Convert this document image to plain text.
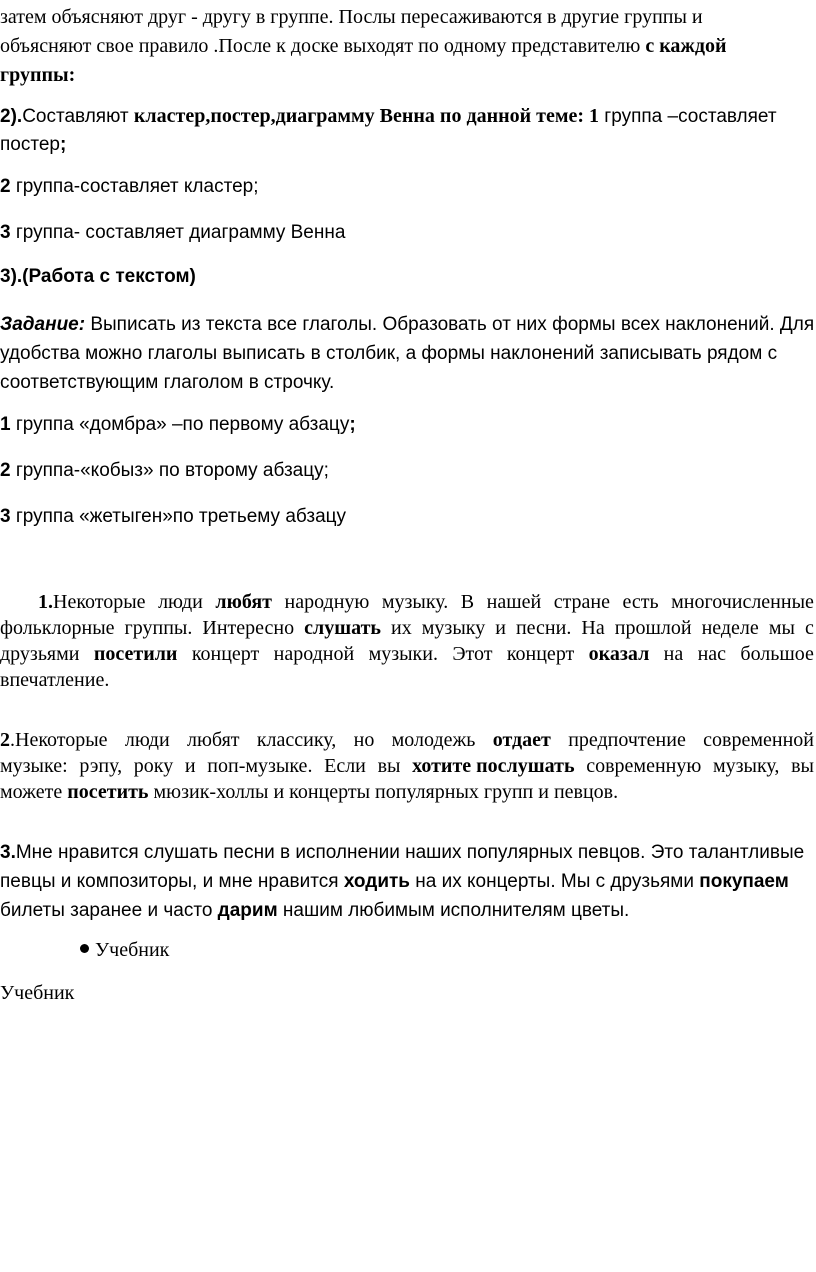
затем объясняют друг - другу в группе. Послы пересаживаются в другие группы и
объясняют свое правило .После к доске выходят по одному представителю с каждой
группы:
2).Составляют кластер,постер,диаграмму Венна по данной теме: 1 группа –составляет
постер;
2 группа-составляет кластер;
3 группа- составляет диаграмму Венна
3).(Работа с текстом)
Задание: Выписать из текста все глаголы. Образовать от них формы всех наклонений. Для
удобства можно глаголы выписать в столбик, а формы наклонений записывать рядом с
соответствующим глаголом в строчку.
1 группа «домбра» –по первому абзацу;
2 группа-«кобыз» по второму абзацу;
3 группа «жетыген»по третьему абзацу
1.Некоторые люди любят народную музыку. В нашей стране есть многочисленные
фольклорные группы. Интересно слушать их музыку и песни. На прошлой неделе мы с
друзьями посетили концерт народной музыки. Этот концерт оказал на нас большое
впечатление.
2.Некоторые люди любят классику, но молодежь отдает предпочтение современной
музыке: рэпу, року и поп-музыке. Если вы хотите послушать современную музыку, вы
можете посетить мюзик-холлы и концерты популярных групп и певцов.
3.Мне нравится слушать песни в исполнении наших популярных певцов. Это талантливые
певцы и композиторы, и мне нравится ходить на их концерты. Мы с друзьями покупаем
билеты заранее и часто дарим нашим любимым исполнителям цветы.
Учебник
Учебник
